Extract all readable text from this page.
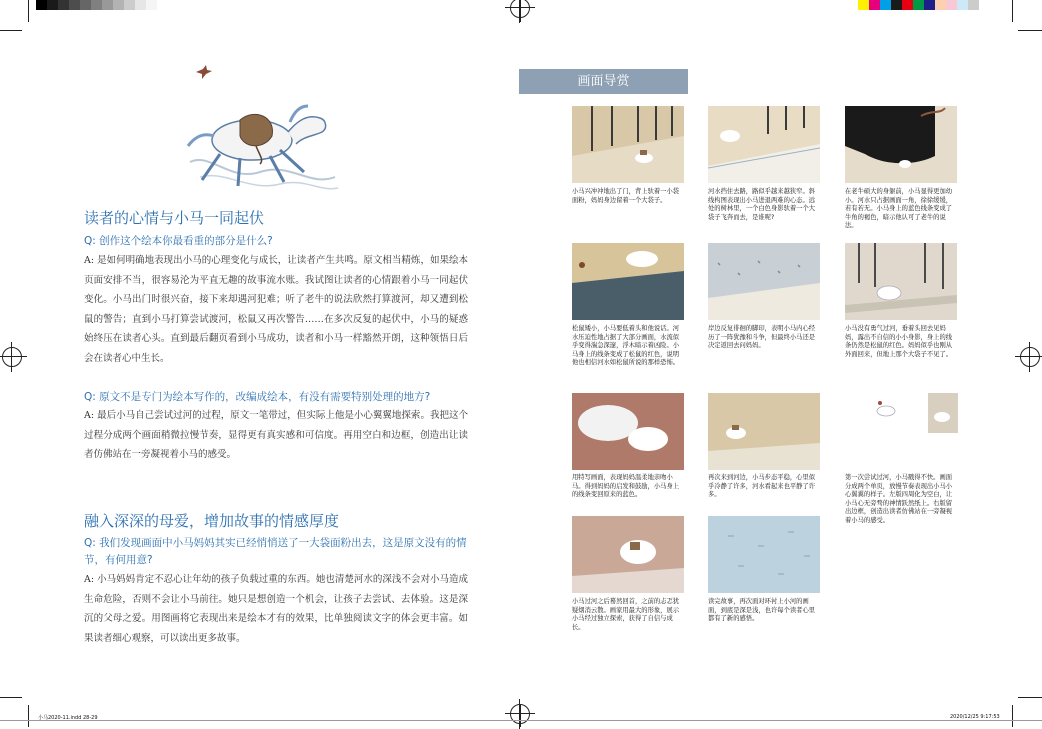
读者的心情与小马一同起伏
Q: 创作这个绘本你最看重的部分是什么?
A: 是如何明确地表现出小马的心理变化与成长，让读者产生共鸣。原文相当精炼，如果绘本页面安排不当，很容易沦为平直无趣的故事流水账。我试图让读者的心情跟着小马一同起伏变化。小马出门时很兴奋，接下来却遇河犯难；听了老牛的说法欣然打算渡河，却又遭到松鼠的警告；直到小马打算尝试渡河，松鼠又再次警告……在多次反复的起伏中，小马的疑惑始终压在读者心头。直到最后翻页看到小马成功，读者和小马一样豁然开朗，这种领悟日后会在读者心中生长。
Q: 原文不是专门为绘本写作的，改编成绘本，有没有需要特别处理的地方?
A: 最后小马自己尝试过河的过程，原文一笔带过，但实际上他是小心翼翼地探索。我把这个过程分成两个画面稍微拉慢节奏，显得更有真实感和可信度。再用空白和边框，创造出让读者仿佛站在一旁凝视着小马的感受。
融入深深的母爱，增加故事的情感厚度
Q: 我们发现画面中小马妈妈其实已经悄悄送了一大袋面粉出去，这是原文没有的情节，有何用意?
A: 小马妈妈肯定不忍心让年幼的孩子负载过重的东西。她也清楚河水的深浅不会对小马造成生命危险，否则不会让小马前往。她只是想创造一个机会，让孩子去尝试、去体验。这是深沉的父母之爱。用图画将它表现出来是绘本才有的效果，比单独阅读文字的体会更丰富。如果读者细心观察，可以读出更多故事。
画面导赏
小马兴冲冲地出了门，背上驮着一小袋面粉，妈妈身边留着一个大袋子。
河水挡住去路，路似乎越来越狭窄。斜线构图表现出小马进退两难的心态。远处的树林里，一个白色身影驮着一个大袋子飞奔而去，是谁呢?
在老牛硕大的身躯前，小马显得更加幼小。河水只占据画面一角，徐徐缓缓，若有若无。小马身上的蓝色线条变成了牛角的褐色，暗示他认可了老牛的说法。
松鼠矮小，小马要低着头和他说话。河水压迫性地占据了大部分画面，水流似乎变得湍急深邃，浮木暗示着凶险。小马身上的线条变成了松鼠的红色，说明他也相信河水如松鼠所说的那样恐怖。
岸边反复徘徊的脚印，表明小马内心经历了一阵犹豫和斗争，但最终小马还是决定返回去问妈妈。
小马没有勇气过河，垂着头回去见妈妈，露出不自信的小小身影，身上的线条仍然是松鼠的红色。妈妈似乎也刚从外面回来，但地上那个大袋子不见了。
用特写画面，表现妈妈温柔地亲吻小马。得到妈妈的启发和鼓励，小马身上的线条变回原来的蓝色。
再次来到河边，小马步态平稳，心里似乎冷静了许多，河水看起来也平静了许多。
第一次尝试过河，小马戳得不快。画面分成两个单页，放慢节奏表现出小马小心翼翼的样子。左版四周化为空白，让小马心无旁骛的神情跃然纸上。右版留出边框，创造出读者仿佛站在一旁凝视着小马的感受。
小马过河之后蓦然回首，之前的忐忑犹疑烟消云散。画家用最大的形象，展示小马经过独立探索，获得了自信与成长。
读完故事，再次面对环衬上小河的画面，到底是深是浅，也许每个读者心里都有了新的感悟。
小马2020-11.indd 28-29	2020/12/25 9:17:53
